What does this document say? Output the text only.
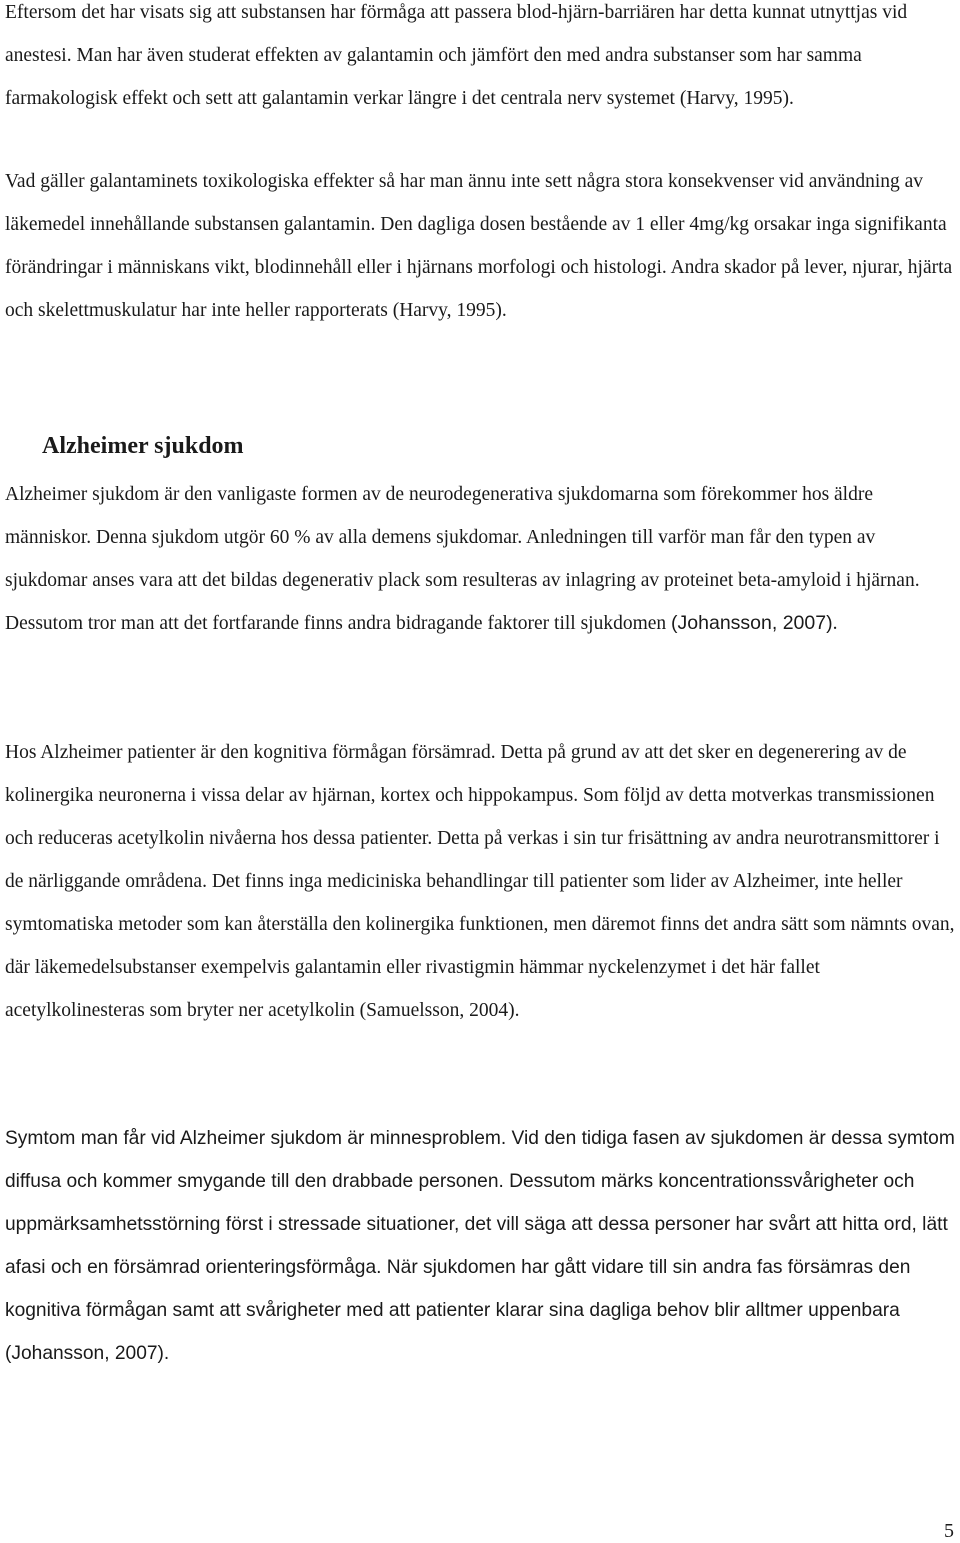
Eftersom det har visats sig att substansen har förmåga att passera blod-hjärn-barriären har detta kunnat utnyttjas vid anestesi. Man har även studerat effekten av galantamin och jämfört den med andra substanser som har samma farmakologisk effekt och sett att galantamin verkar längre i det centrala nerv systemet (Harvy, 1995).

Vad gäller galantaminets toxikologiska effekter så har man ännu inte sett några stora konsekvenser vid användning av läkemedel innehållande substansen galantamin. Den dagliga dosen bestående av 1 eller 4mg/kg orsakar inga signifikanta förändringar i människans vikt, blodinnehåll eller i hjärnans morfologi och histologi. Andra skador på lever, njurar, hjärta och skelettmuskulatur har inte heller rapporterats (Harvy, 1995).

Alzheimer sjukdom

Alzheimer sjukdom är den vanligaste formen av de neurodegenerativa sjukdomarna som förekommer hos äldre människor. Denna sjukdom utgör 60 % av alla demens sjukdomar. Anledningen till varför man får den typen av sjukdomar anses vara att det bildas degenerativ plack som resulteras av inlagring av proteinet beta-amyloid i hjärnan. Dessutom tror man att det fortfarande finns andra bidragande faktorer till sjukdomen (Johansson, 2007).

Hos Alzheimer patienter är den kognitiva förmågan försämrad. Detta på grund av att det sker en degenerering av de kolinergika neuronerna i vissa delar av hjärnan, kortex och hippokampus. Som följd av detta motverkas transmissionen och reduceras acetylkolin nivåerna hos dessa patienter. Detta på verkas i sin tur frisättning av andra neurotransmittorer i de närliggande områdena. Det finns inga mediciniska behandlingar till patienter som lider av Alzheimer, inte heller symtomatiska metoder som kan återställa den kolinergika funktionen, men däremot finns det andra sätt som nämnts ovan, där läkemedelsubstanser exempelvis galantamin eller rivastigmin hämmar nyckelenzymet i det här fallet acetylkolinesteras som bryter ner acetylkolin (Samuelsson, 2004).

Symtom man får vid Alzheimer sjukdom är minnesproblem. Vid den tidiga fasen av sjukdomen är dessa symtom diffusa och kommer smygande till den drabbade personen. Dessutom märks koncentrationssvårigheter och uppmärksamhetsstörning först i stressade situationer, det vill säga att dessa personer har svårt att hitta ord, lätt afasi och en försämrad orienteringsförmåga. När sjukdomen har gått vidare till sin andra fas försämras den kognitiva förmågan samt att svårigheter med att patienter klarar sina dagliga behov blir alltmer uppenbara (Johansson, 2007).

5
